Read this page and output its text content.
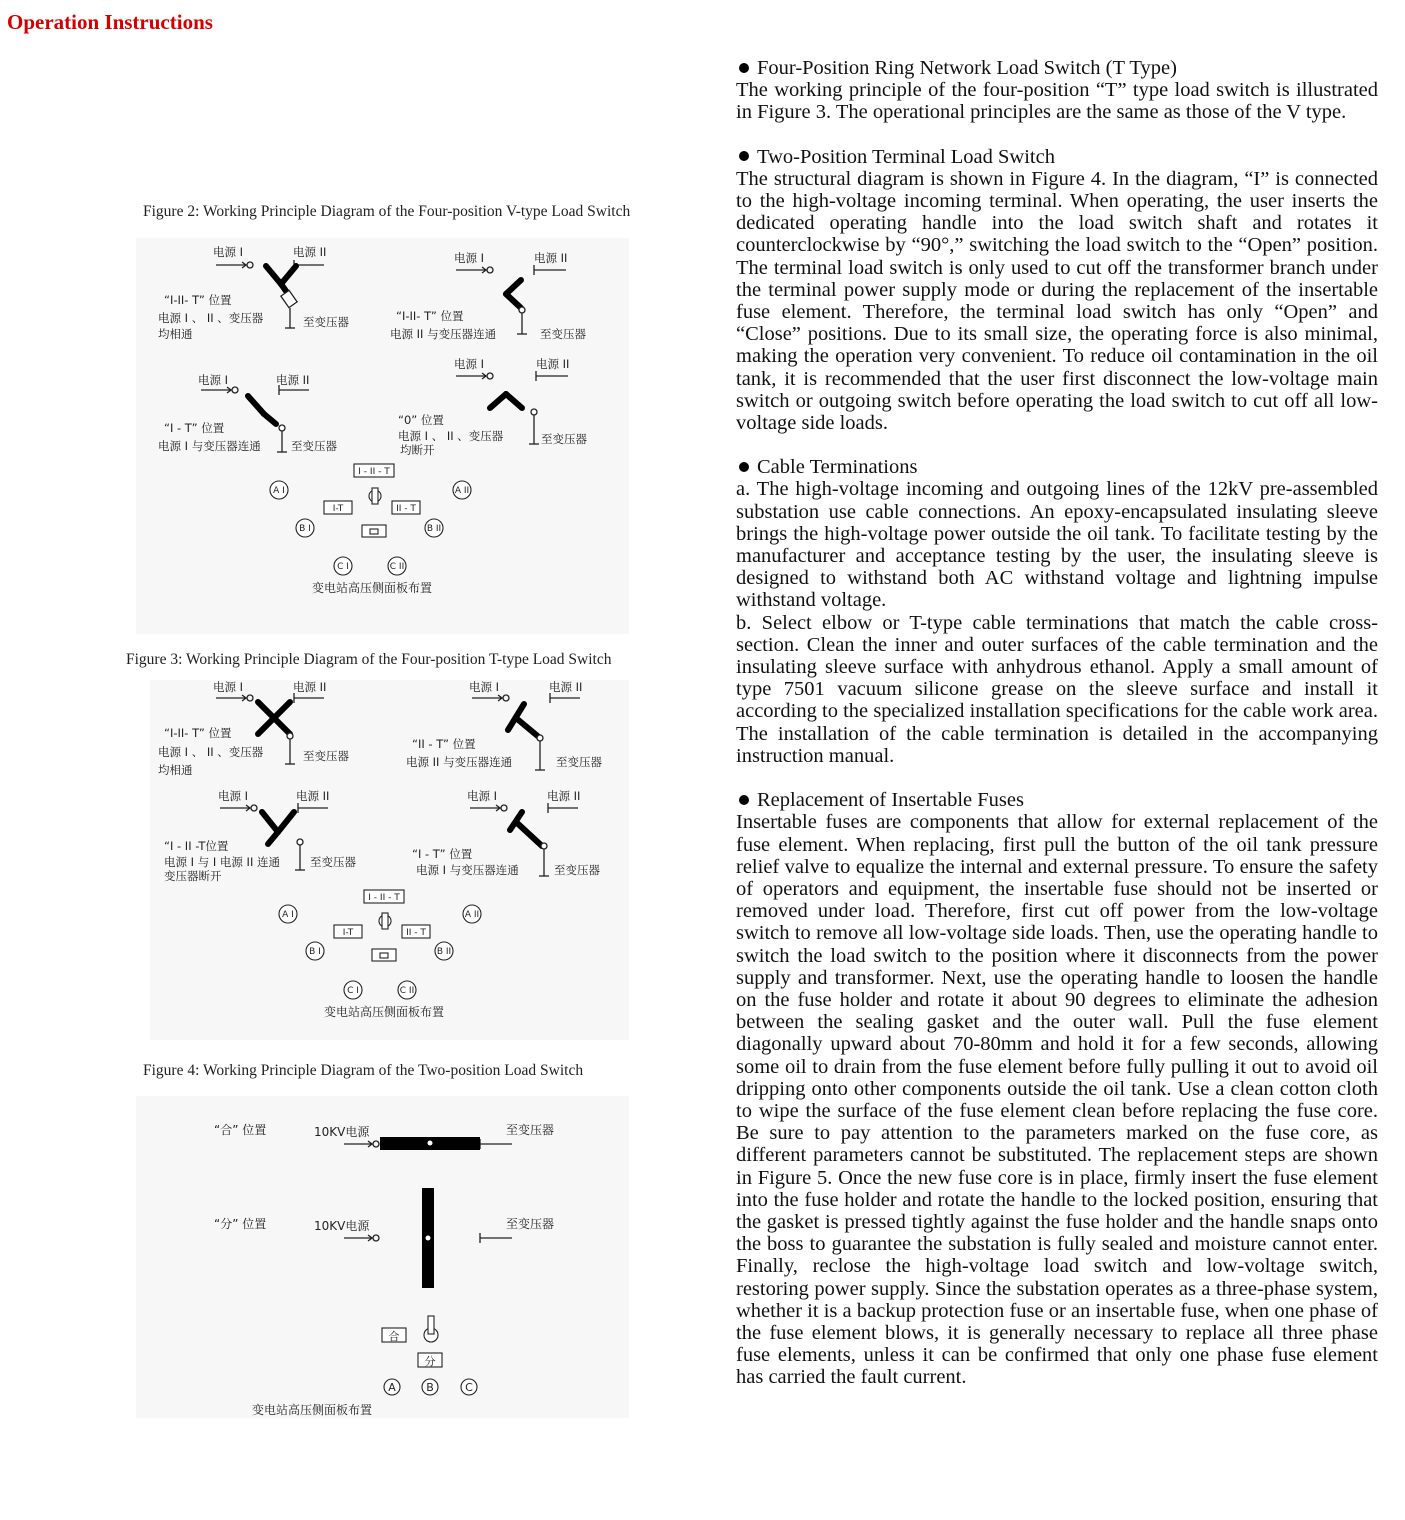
Operation Instructions
Figure 2: Working Principle Diagram of the Four-position V-type Load Switch
电源 I	电源 II
“I-II- T” 位置
电源 I 、 II 、变压器
均相通
至变压器
电源 I	电源 II
“I-II- T” 位置
电源 II 与变压器连通	至变压器
电源 I	电源 II
“I - T” 位置
电源 I 与变压器连通	至变压器
电源 I	电源 II
“0” 位置
电源 I 、 II 、变压器
均断开
至变压器
I - II - T
I-T	II - T
A I	A II
B I	B II
C I	C II
变电站高压侧面板布置
Figure 3: Working Principle Diagram of the Four-position T-type Load Switch
电源 I	电源 II
“I-II- T” 位置
电源 I 、 II 、变压器
均相通
至变压器
电源 I	电源 II
“II - T” 位置
电源 II 与变压器连通	至变压器
电源 I	电源 II
“I - II -T位置
电源 I 与 I 电源 II 连通
变压器断开
至变压器
电源 I	电源 II
“I - T” 位置
电源 I 与变压器连通	至变压器
I - II - T
I-T	II - T
A I	A II
B I	B II
C I	C II
变电站高压侧面板布置
Figure 4: Working Principle Diagram of the Two-position Load Switch
“合” 位置	10KV电源	至变压器
“分” 位置	10KV电源	至变压器
合
分
A	B	C
变电站高压侧面板布置

Four-Position Ring Network Load Switch (T Type)

The working principle of the four-position “T” type load switch is illustrated in Figure 3. The operational principles are the same as those of the V type.

Two-Position Terminal Load Switch

The structural diagram is shown in Figure 4. In the diagram, “I” is connected to the high-voltage incoming terminal. When operating, the user inserts the dedicated operating handle into the load switch shaft and rotates it counterclockwise by “90°,” switching the load switch to the “Open” position. The terminal load switch is only used to cut off the transformer branch under the terminal power supply mode or during the replacement of the insertable fuse element. Therefore, the terminal load switch has only “Open” and “Close” positions. Due to its small size, the operating force is also minimal, making the operation very convenient. To reduce oil contamination in the oil tank, it is recommended that the user first disconnect the low-voltage main switch or outgoing switch before operating the load switch to cut off all low-voltage side loads.

Cable Terminations

a. The high-voltage incoming and outgoing lines of the 12kV pre-assembled substation use cable connections. An epoxy-encapsulated insulating sleeve brings the high-voltage power outside the oil tank. To facilitate testing by the manufacturer and acceptance testing by the user, the insulating sleeve is designed to withstand both AC withstand voltage and lightning impulse withstand voltage.

b. Select elbow or T-type cable terminations that match the cable cross-section. Clean the inner and outer surfaces of the cable termination and the insulating sleeve surface with anhydrous ethanol. Apply a small amount of type 7501 vacuum silicone grease on the sleeve surface and install it according to the specialized installation specifications for the cable work area. The installation of the cable termination is detailed in the accompanying instruction manual.

Replacement of Insertable Fuses

Insertable fuses are components that allow for external replacement of the fuse element. When replacing, first pull the button of the oil tank pressure relief valve to equalize the internal and external pressure. To ensure the safety of operators and equipment, the insertable fuse should not be inserted or removed under load. Therefore, first cut off power from the low-voltage switch to remove all low-voltage side loads. Then, use the operating handle to switch the load switch to the position where it disconnects from the power supply and transformer. Next, use the operating handle to loosen the handle on the fuse holder and rotate it about 90 degrees to eliminate the adhesion between the sealing gasket and the outer wall. Pull the fuse element diagonally upward about 70-80mm and hold it for a few seconds, allowing some oil to drain from the fuse element before fully pulling it out to avoid oil dripping onto other components outside the oil tank. Use a clean cotton cloth to wipe the surface of the fuse element clean before replacing the fuse core. Be sure to pay attention to the parameters marked on the fuse core, as different parameters cannot be substituted. The replacement steps are shown in Figure 5. Once the new fuse core is in place, firmly insert the fuse element into the fuse holder and rotate the handle to the locked position, ensuring that the gasket is pressed tightly against the fuse holder and the handle snaps onto the boss to guarantee the substation is fully sealed and moisture cannot enter. Finally, reclose the high-voltage load switch and low-voltage switch, restoring power supply. Since the substation operates as a three-phase system, whether it is a backup protection fuse or an insertable fuse, when one phase of the fuse element blows, it is generally necessary to replace all three phase fuse elements, unless it can be confirmed that only one phase fuse element has carried the fault current.
